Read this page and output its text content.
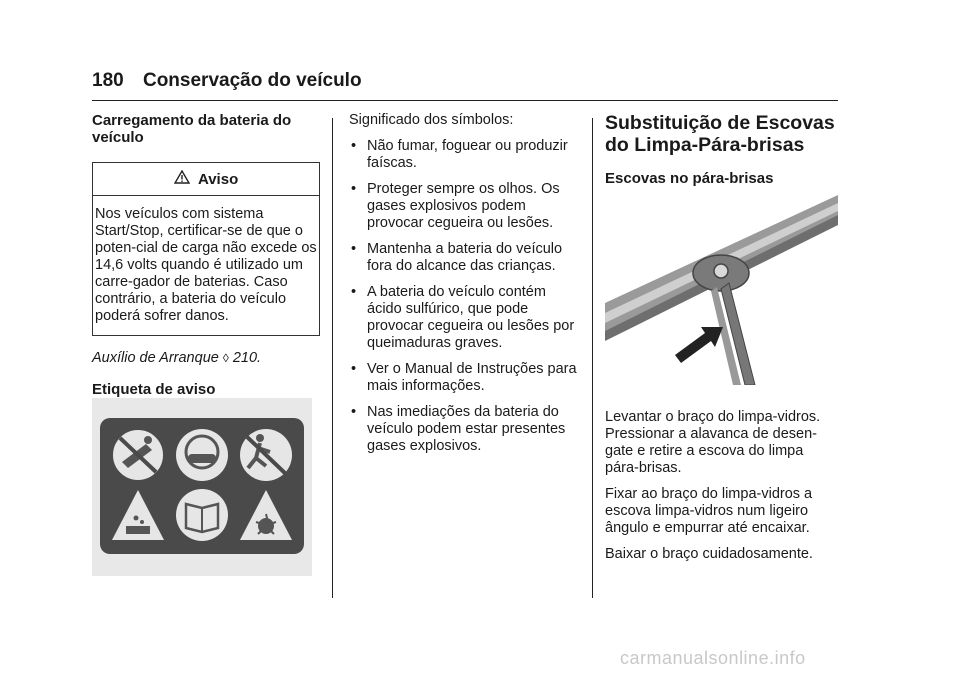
180 Conservação do veículo
Carregamento da bateria do veículo
Aviso
Nos veículos com sistema Start/Stop, certificar-se de que o poten-cial de carga não excede os 14,6 volts quando é utilizado um carre-gador de baterias. Caso contrário, a bateria do veículo poderá sofrer danos.
Auxílio de Arranque ◊ 210.
Etiqueta de aviso

Significado dos símbolos:

• Não fumar, foguear ou produzir faíscas.
• Proteger sempre os olhos. Os gases explosivos podem provocar cegueira ou lesões.
• Mantenha a bateria do veículo fora do alcance das crianças.
• A bateria do veículo contém ácido sulfúrico, que pode provocar cegueira ou lesões por queimaduras graves.
• Ver o Manual de Instruções para mais informações.
• Nas imediações da bateria do veículo podem estar presentes gases explosivos.
Substituição de Escovas do Limpa-Pára-brisas
Escovas no pára-brisas

Levantar o braço do limpa-vidros. Pressionar a alavanca de desen-gate e retire a escova do limpa pára-brisas.

Fixar ao braço do limpa-vidros a escova limpa-vidros num ligeiro ângulo e empurrar até encaixar.

Baixar o braço cuidadosamente.

carmanualsonline.info
